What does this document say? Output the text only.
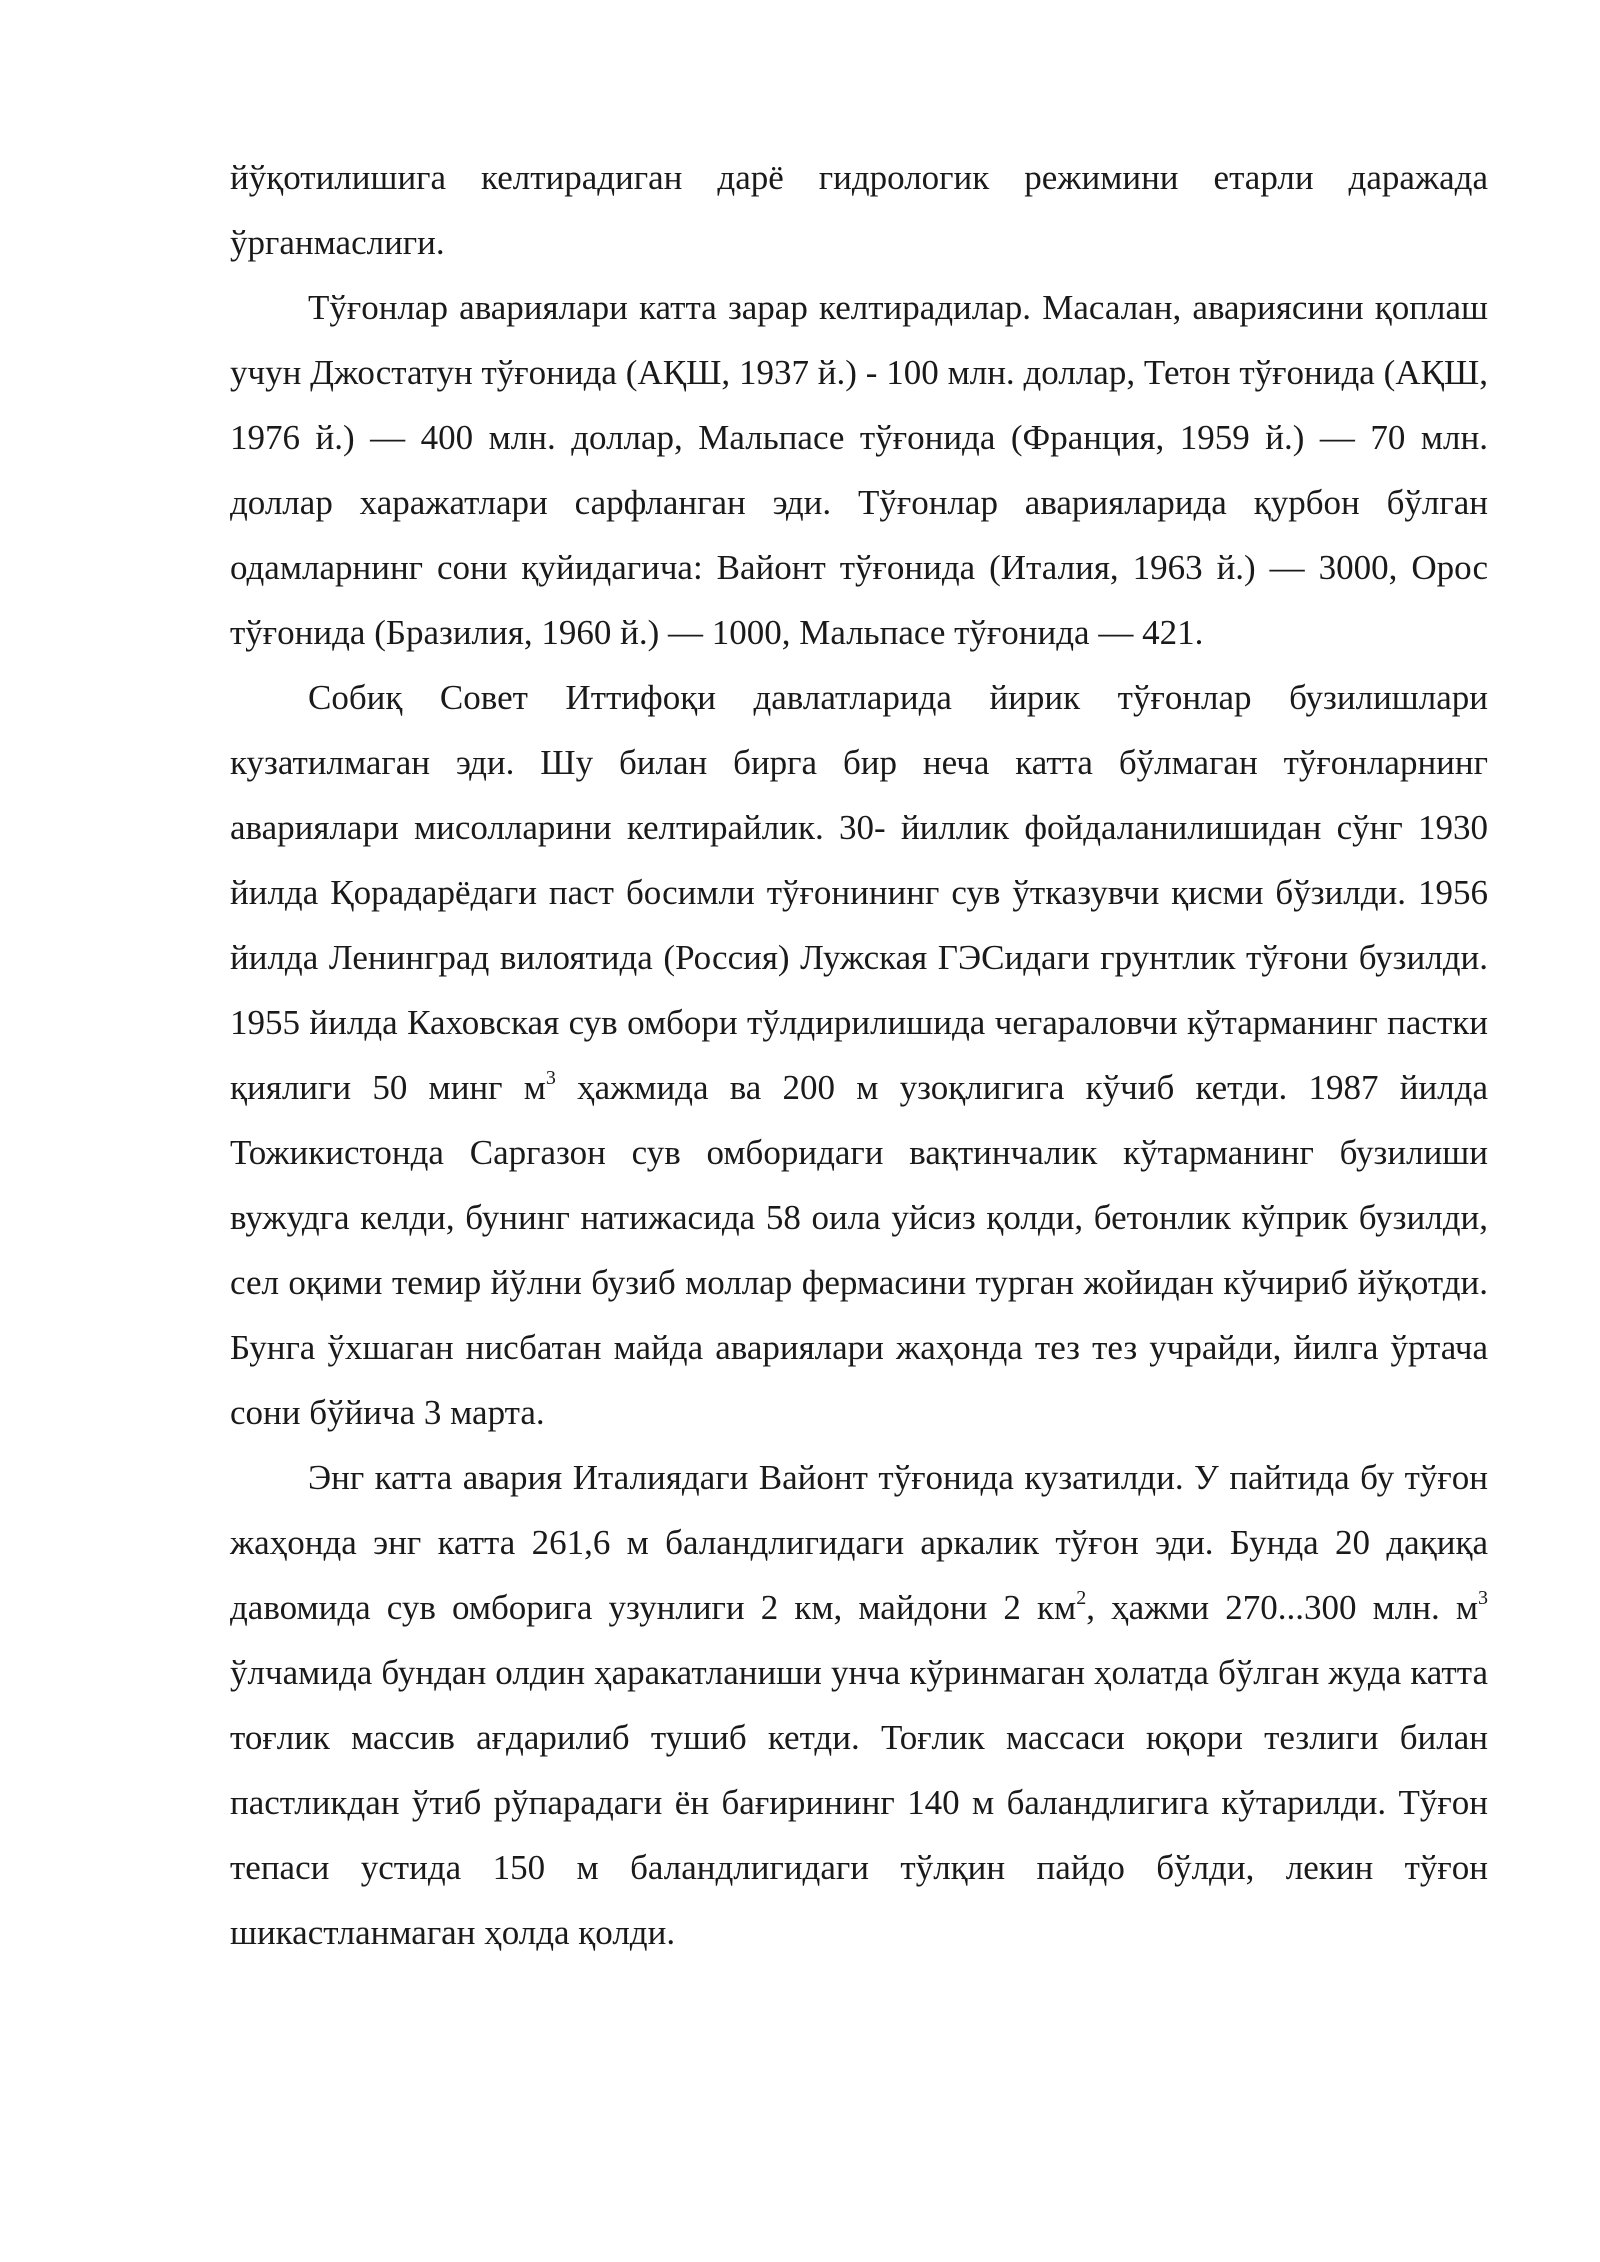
йўқотилишига келтирадиган дарё гидрологик режимини етарли даражада ўрганмаслиги.

Тўғонлар авариялари катта зарар келтирадилар. Масалан, авариясини қоплаш учун Джостатун тўғонида (АҚШ, 1937 й.) - 100 млн. доллар, Тетон тўғонида (АҚШ, 1976 й.) — 400 млн. доллар, Мальпасе тўғонида (Франция, 1959 й.) — 70 млн. доллар харажатлари сарфланган эди. Тўғонлар аварияларида қурбон бўлган одамларнинг сони қуйидагича: Вайонт тўғонида (Италия, 1963 й.) — 3000, Орос тўғонида (Бразилия, 1960 й.) — 1000, Мальпасе тўғонида — 421.

Собиқ Совет Иттифоқи давлатларида йирик тўғонлар бузилишлари кузатилмаган эди. Шу билан бирга бир неча катта бўлмаган тўғонларнинг авариялари мисолларини келтирайлик. 30- йиллик фойдаланилишидан сўнг 1930 йилда Қорадарёдаги паст босимли тўғонининг сув ўтказувчи қисми бўзилди. 1956 йилда Ленинград вилоятида (Россия) Лужская ГЭСидаги грунтлик тўғони бузилди. 1955 йилда Каховская сув омбори тўлдирилишида чегараловчи кўтарманинг пастки қиялиги 50 минг $м^3$ ҳажмида ва 200 м узоқлигига кўчиб кетди. 1987 йилда Тожикистонда Саргазон сув омборидаги вақтинчалик кўтарманинг бузилиши вужудга келди, бунинг натижасида 58 оила уйсиз қолди, бетонлик кўприк бузилди, сел оқими темир йўлни бузиб моллар фермасини турган жойидан кўчириб йўқотди. Бунга ўхшаган нисбатан майда авариялари жаҳонда тез тез учрайди, йилга ўртача сони бўйича 3 марта.

Энг катта авария Италиядаги Вайонт тўғонида кузатилди. У пайтида бу тўғон жаҳонда энг катта 261,6 м баландлигидаги аркалик тўғон эди. Бунда 20 дақиқа давомида сув омборига узунлиги 2 км, майдони 2 $км^2$, ҳажми 270...300 млн. $м^3$ ўлчамида бундан олдин ҳаракатланиши унча кўринмаган ҳолатда бўлган жуда катта тоғлик массив ағдарилиб тушиб кетди. Тоғлик массаси юқори тезлиги билан пастликдан ўтиб рўпарадаги ён бағирининг 140 м баландлигига кўтарилди. Тўғон тепаси устида 150 м баландлигидаги тўлқин пайдо бўлди, лекин тўғон шикастланмаган ҳолда қолди.
